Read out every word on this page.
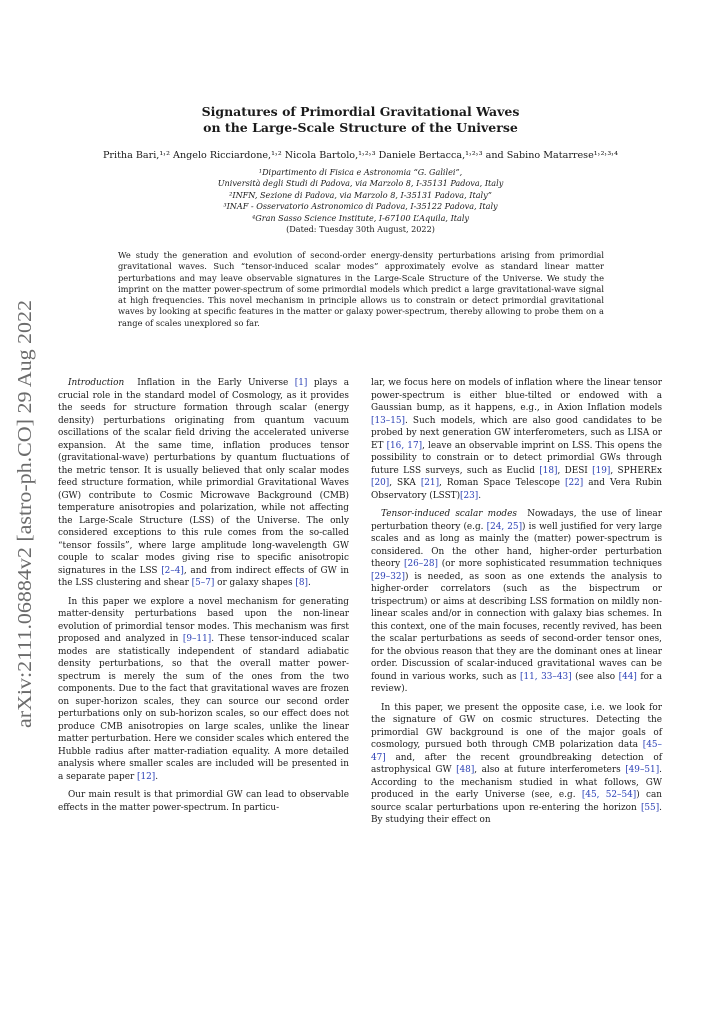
arXiv:2111.06884v2 [astro-ph.CO] 29 Aug 2022
Signatures of Primordial Gravitational Waves
on the Large-Scale Structure of the Universe
Pritha Bari,¹˒² Angelo Ricciardone,¹˒² Nicola Bartolo,¹˒²˒³ Daniele Bertacca,¹˒²˒³ and Sabino Matarrese¹˒²˒³˒⁴
¹Dipartimento di Fisica e Astronomia “G. Galilei”,
Università degli Studi di Padova, via Marzolo 8, I-35131 Padova, Italy
²INFN, Sezione di Padova, via Marzolo 8, I-35131 Padova, Italy”
³INAF - Osservatorio Astronomico di Padova, I-35122 Padova, Italy
⁴Gran Sasso Science Institute, I-67100 L’Aquila, Italy
(Dated: Tuesday 30th August, 2022)
We study the generation and evolution of second-order energy-density perturbations arising from primordial gravitational waves. Such “tensor-induced scalar modes” approximately evolve as standard linear matter perturbations and may leave observable signatures in the Large-Scale Structure of the Universe. We study the imprint on the matter power-spectrum of some primordial models which predict a large gravitational-wave signal at high frequencies. This novel mechanism in principle allows us to constrain or detect primordial gravitational waves by looking at specific features in the matter or galaxy power-spectrum, thereby allowing to probe them on a range of scales unexplored so far.

Introduction Inflation in the Early Universe [1] plays a crucial role in the standard model of Cosmology, as it provides the seeds for structure formation through scalar (energy density) perturbations originating from quantum vacuum oscillations of the scalar field driving the accelerated universe expansion. At the same time, inflation produces tensor (gravitational-wave) perturbations by quantum fluctuations of the metric tensor. It is usually believed that only scalar modes feed structure formation, while primordial Gravitational Waves (GW) contribute to Cosmic Microwave Background (CMB) temperature anisotropies and polarization, while not affecting the Large-Scale Structure (LSS) of the Universe. The only considered exceptions to this rule comes from the so-called “tensor fossils”, where large amplitude long-wavelength GW couple to scalar modes giving rise to specific anisotropic signatures in the LSS [2–4], and from indirect effects of GW in the LSS clustering and shear [5–7] or galaxy shapes [8].

In this paper we explore a novel mechanism for generating matter-density perturbations based upon the non-linear evolution of primordial tensor modes. This mechanism was first proposed and analyzed in [9–11]. These tensor-induced scalar modes are statistically independent of standard adiabatic density perturbations, so that the overall matter power-spectrum is merely the sum of the ones from the two components. Due to the fact that gravitational waves are frozen on super-horizon scales, they can source our second order perturbations only on sub-horizon scales, so our effect does not produce CMB anisotropies on large scales, unlike the linear matter perturbation. Here we consider scales which entered the Hubble radius after matter-radiation equality. A more detailed analysis where smaller scales are included will be presented in a separate paper [12].

Our main result is that primordial GW can lead to observable effects in the matter power-spectrum. In particu-

lar, we focus here on models of inflation where the linear tensor power-spectrum is either blue-tilted or endowed with a Gaussian bump, as it happens, e.g., in Axion Inflation models [13–15]. Such models, which are also good candidates to be probed by next generation GW interferometers, such as LISA or ET [16, 17], leave an observable imprint on LSS. This opens the possibility to constrain or to detect primordial GWs through future LSS surveys, such as Euclid [18], DESI [19], SPHEREx [20], SKA [21], Roman Space Telescope [22] and Vera Rubin Observatory (LSST)[23].

Tensor-induced scalar modes Nowadays, the use of linear perturbation theory (e.g. [24, 25]) is well justified for very large scales and as long as mainly the (matter) power-spectrum is considered. On the other hand, higher-order perturbation theory [26–28] (or more sophisticated resummation techniques [29–32]) is needed, as soon as one extends the analysis to higher-order correlators (such as the bispectrum or trispectrum) or aims at describing LSS formation on mildly non-linear scales and/or in connection with galaxy bias schemes. In this context, one of the main focuses, recently revived, has been the scalar perturbations as seeds of second-order tensor ones, for the obvious reason that they are the dominant ones at linear order. Discussion of scalar-induced gravitational waves can be found in various works, such as [11, 33–43] (see also [44] for a review).

In this paper, we present the opposite case, i.e. we look for the signature of GW on cosmic structures. Detecting the primordial GW background is one of the major goals of cosmology, pursued both through CMB polarization data [45–47] and, after the recent groundbreaking detection of astrophysical GW [48], also at future interferometers [49–51]. According to the mechanism studied in what follows, GW produced in the early Universe (see, e.g. [45, 52–54]) can source scalar perturbations upon re-entering the horizon [55]. By studying their effect on
